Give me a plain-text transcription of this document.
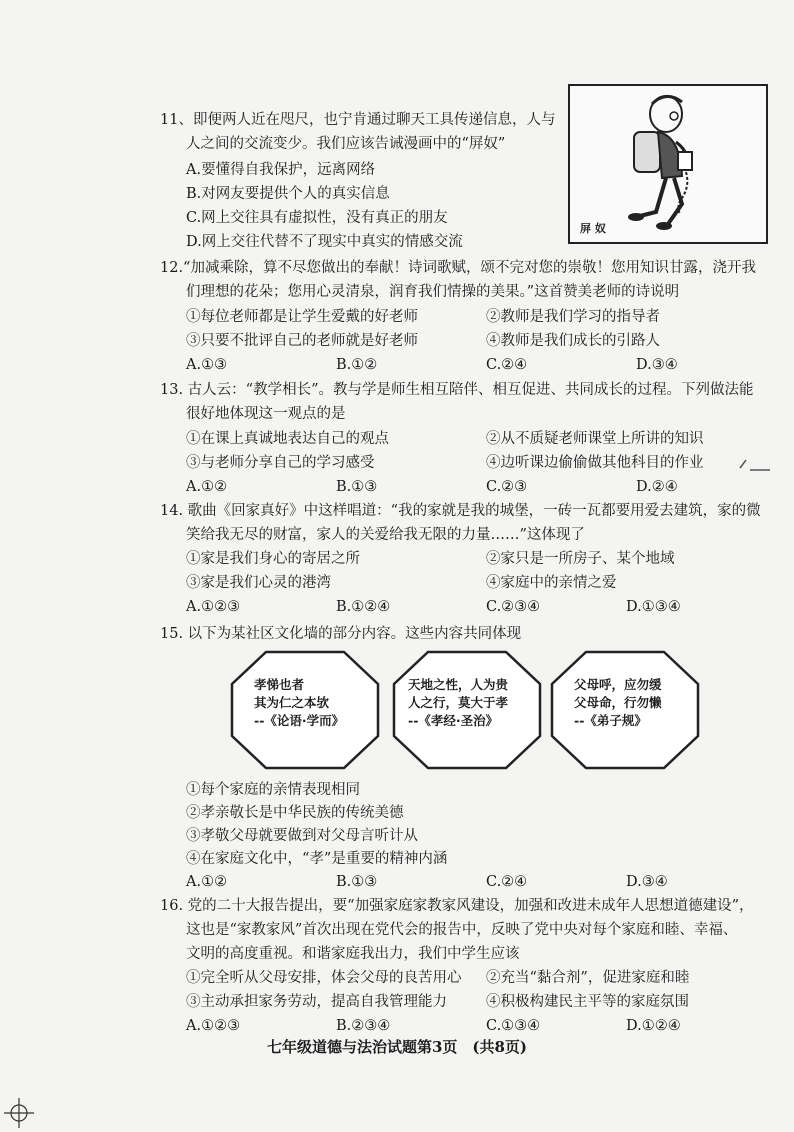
11、即便两人近在咫尺，也宁肯通过聊天工具传递信息，人与
人之间的交流变少。我们应该告诫漫画中的“屏奴”
A.要懂得自我保护，远离网络
B.对网友要提供个人的真实信息
C.网上交往具有虚拟性，没有真正的朋友
D.网上交往代替不了现实中真实的情感交流
屏 奴
12.“加减乘除，算不尽您做出的奉献！诗词歌赋，颂不完对您的崇敬！您用知识甘露，浇开我
们理想的花朵；您用心灵清泉，润育我们情操的美果。”这首赞美老师的诗说明
①每位老师都是让学生爱戴的好老师	②教师是我们学习的指导者
③只要不批评自己的老师就是好老师	④教师是我们成长的引路人
A.①③	B.①②	C.②④	D.③④
13. 古人云：“教学相长”。教与学是师生相互陪伴、相互促进、共同成长的过程。下列做法能
很好地体现这一观点的是
①在课上真诚地表达自己的观点	②从不质疑老师课堂上所讲的知识
③与老师分享自己的学习感受	④边听课边偷偷做其他科目的作业
A.①②	B.①③	C.②③	D.②④
14. 歌曲《回家真好》中这样唱道：“我的家就是我的城堡，一砖一瓦都要用爱去建筑，家的微
笑给我无尽的财富，家人的关爱给我无限的力量……”这体现了
①家是我们身心的寄居之所	②家只是一所房子、某个地域
③家是我们心灵的港湾	④家庭中的亲情之爱
A.①②③	B.①②④	C.②③④	D.①③④
15. 以下为某社区文化墙的部分内容。这些内容共同体现
孝悌也者
其为仁之本欤
--《论语·学而》
天地之性，人为贵
人之行，莫大于孝
--《孝经·圣治》
父母呼，应勿缓
父母命，行勿懒
--《弟子规》
①每个家庭的亲情表现相同
②孝亲敬长是中华民族的传统美德
③孝敬父母就要做到对父母言听计从
④在家庭文化中，“孝”是重要的精神内涵
A.①②	B.①③	C.②④	D.③④
16. 党的二十大报告提出，要“加强家庭家教家风建设，加强和改进未成年人思想道德建设”，
这也是“家教家风”首次出现在党代会的报告中，反映了党中央对每个家庭和睦、幸福、
文明的高度重视。和谐家庭我出力，我们中学生应该
①完全听从父母安排，体会父母的良苦用心 ②充当“黏合剂”，促进家庭和睦
③主动承担家务劳动，提高自我管理能力	④积极构建民主平等的家庭氛围
A.①②③	B.②③④	C.①③④	D.①②④
七年级道德与法治试题第3页　(共8页)
